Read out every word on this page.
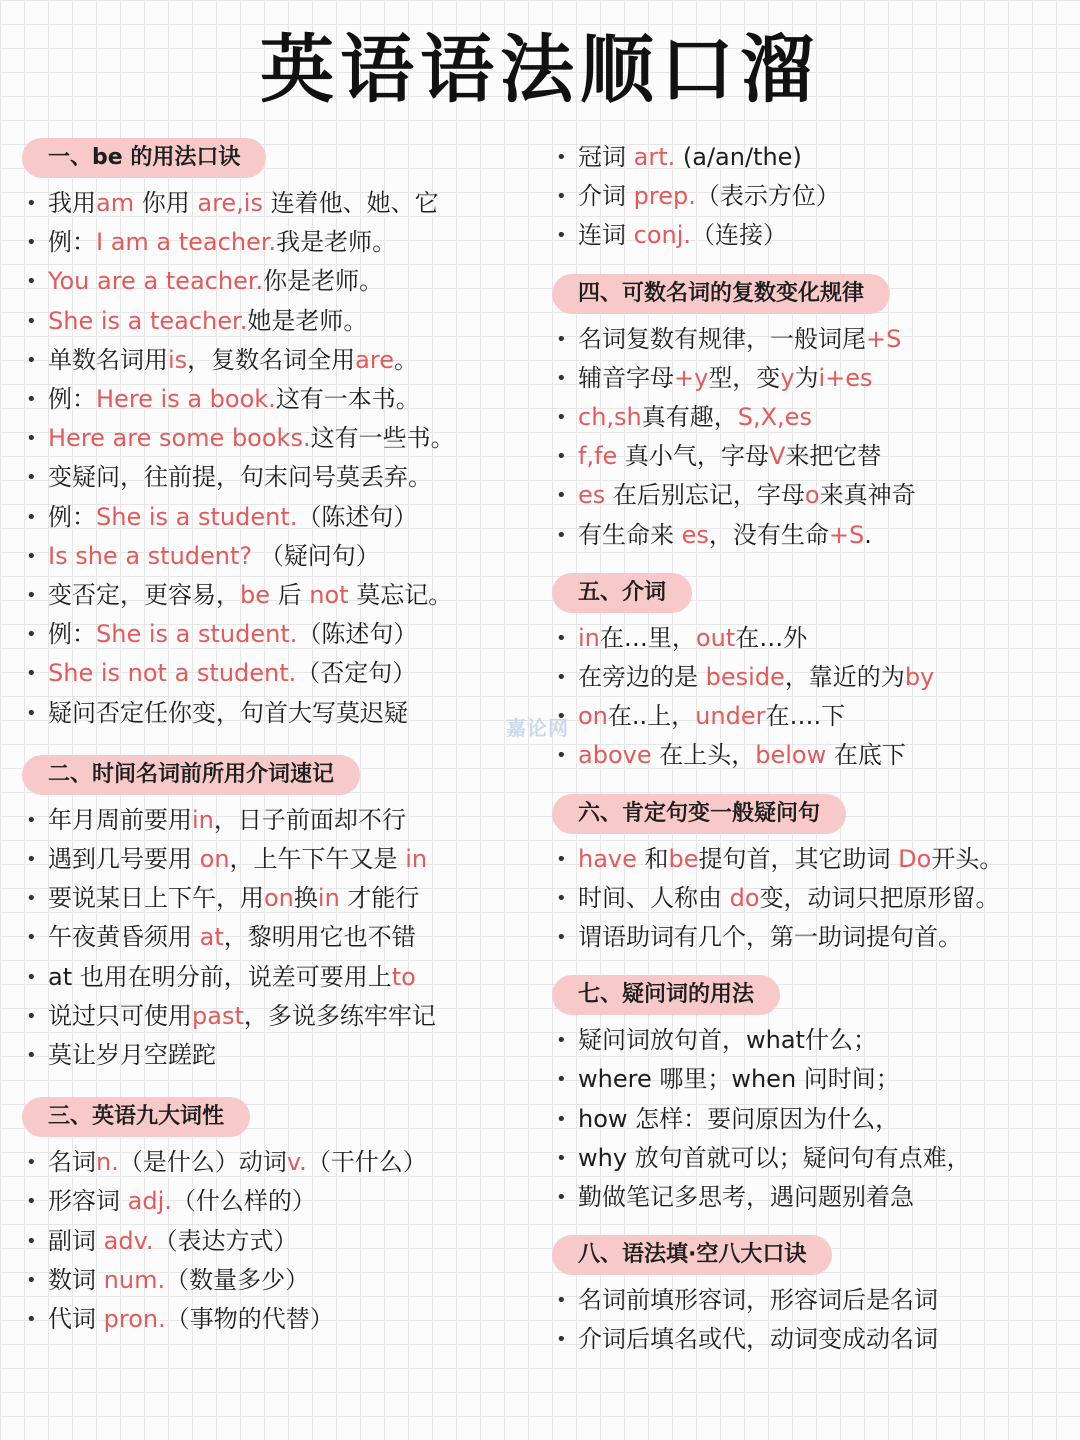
英语语法顺口溜
嘉论网
一、be 的用法口诀
• 我用am 你用 are,is 连着他、她、它
• 例：I am a teacher.我是老师。
• You are a teacher.你是老师。
• She is a teacher.她是老师。
• 单数名词用is，复数名词全用are。
• 例：Here is a book.这有一本书。
• Here are some books.这有一些书。
• 变疑问，往前提，句末问号莫丢弃。
• 例：She is a student.（陈述句）
• Is she a student? （疑问句）
• 变否定，更容易，be 后 not 莫忘记。
• 例：She is a student.（陈述句）
• She is not a student.（否定句）
• 疑问否定任你变，句首大写莫迟疑
二、时间名词前所用介词速记
• 年月周前要用in，日子前面却不行
• 遇到几号要用 on，上午下午又是 in
• 要说某日上下午，用on换in 才能行
• 午夜黄昏须用 at，黎明用它也不错
• at 也用在明分前，说差可要用上to
• 说过只可使用past，多说多练牢牢记
• 莫让岁月空蹉跎
三、英语九大词性
• 名词n.（是什么）动词v.（干什么）
• 形容词 adj.（什么样的）
• 副词 adv.（表达方式）
• 数词 num.（数量多少）
• 代词 pron.（事物的代替）
• 冠词 art. (a/an/the)
• 介词 prep.（表示方位）
• 连词 conj.（连接）
四、可数名词的复数变化规律
• 名词复数有规律，一般词尾+S
• 辅音字母+y型，变y为i+es
• ch,sh真有趣，S,X,es
• f,fe 真小气，字母V来把它替
• es 在后别忘记，字母o来真神奇
• 有生命来 es，没有生命+S.
五、介词
• in在…里，out在…外
• 在旁边的是 beside，靠近的为by
• on在..上，under在….下
• above 在上头，below 在底下
六、肯定句变一般疑问句
• have 和be提句首，其它助词 Do开头。
• 时间、人称由 do变，动词只把原形留。
• 谓语助词有几个，第一助词提句首。
七、疑问词的用法
• 疑问词放句首，what什么；
• where 哪里；when 问时间；
• how 怎样：要问原因为什么，
• why 放句首就可以；疑问句有点难，
• 勤做笔记多思考，遇问题别着急
八、语法填·空八大口诀
• 名词前填形容词，形容词后是名词
• 介词后填名或代，动词变成动名词
